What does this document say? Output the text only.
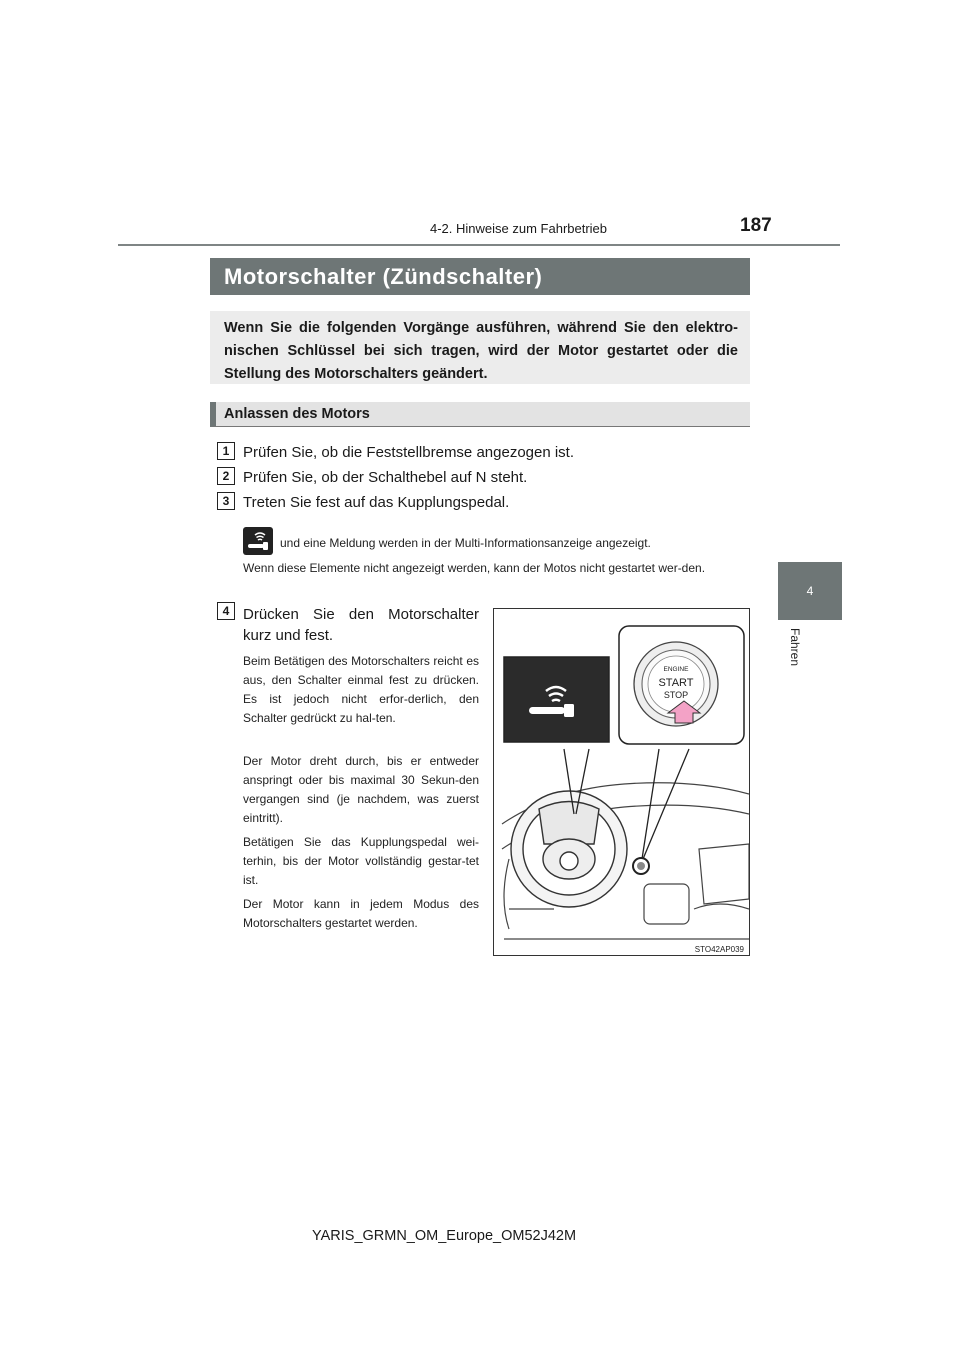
4-2. Hinweise zum Fahrbetrieb	187
4
Fahren
Motorschalter (Zündschalter)
Wenn Sie die folgenden Vorgänge ausführen, während Sie den elektro-nischen Schlüssel bei sich tragen, wird der Motor gestartet oder die Stellung des Motorschalters geändert.
Anlassen des Motors
1 Prüfen Sie, ob die Feststellbremse angezogen ist.
2 Prüfen Sie, ob der Schalthebel auf N steht.
3 Treten Sie fest auf das Kupplungspedal.
und eine Meldung werden in der Multi-Informationsanzeige angezeigt.
Wenn diese Elemente nicht angezeigt werden, kann der Motos nicht gestartet wer-den.
4 Drücken Sie den Motorschalter kurz und fest.
Beim Betätigen des Motorschalters reicht es aus, den Schalter einmal fest zu drücken. Es ist jedoch nicht erfor-derlich, den Schalter gedrückt zu hal-ten.
Der Motor dreht durch, bis er entweder anspringt oder bis maximal 30 Sekun-den vergangen sind (je nachdem, was zuerst eintritt).
Betätigen Sie das Kupplungspedal wei-terhin, bis der Motor vollständig gestar-tet ist.
Der Motor kann in jedem Modus des Motorschalters gestartet werden.
ENGINE
START
STOP
STO42AP039
YARIS_GRMN_OM_Europe_OM52J42M
